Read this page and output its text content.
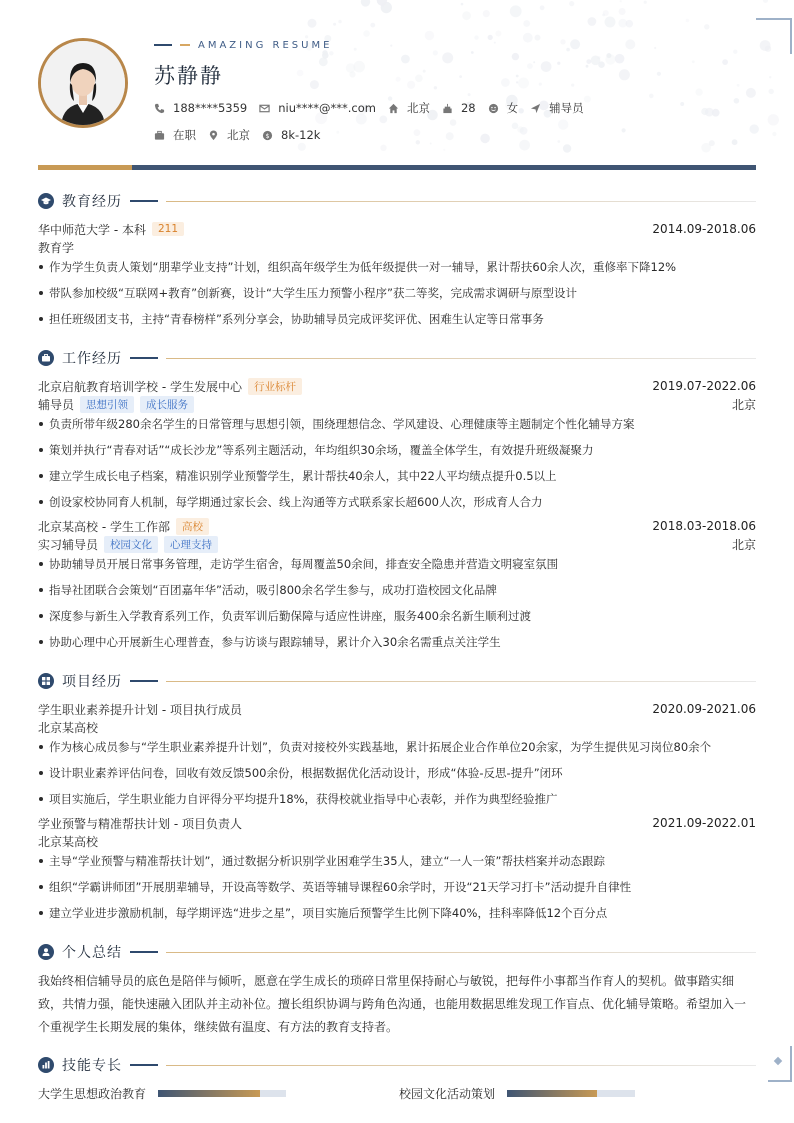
AMAZING RESUME
苏静静
188****5359	niu****@***.com	北京	28	女	辅导员
在职	北京 $ 8k-12k
教育经历
华中师范大学 - 本科	211	2014.09-2018.06
教育学
作为学生负责人策划“朋辈学业支持”计划，组织高年级学生为低年级提供一对一辅导，累计帮扶60余人次，重修率下降12%
带队参加校级“互联网+教育”创新赛，设计“大学生压力预警小程序”获二等奖，完成需求调研与原型设计
担任班级团支书，主持“青春榜样”系列分享会，协助辅导员完成评奖评优、困难生认定等日常事务
工作经历
北京启航教育培训学校 - 学生发展中心	行业标杆	2019.07-2022.06
辅导员	思想引领	成长服务	北京
负责所带年级280余名学生的日常管理与思想引领，围绕理想信念、学风建设、心理健康等主题制定个性化辅导方案
策划并执行“青春对话”“成长沙龙”等系列主题活动，年均组织30余场，覆盖全体学生，有效提升班级凝聚力
建立学生成长电子档案，精准识别学业预警学生，累计帮扶40余人，其中22人平均绩点提升0.5以上
创设家校协同育人机制，每学期通过家长会、线上沟通等方式联系家长超600人次，形成育人合力
北京某高校 - 学生工作部	高校	2018.03-2018.06
实习辅导员	校园文化	心理支持	北京
协助辅导员开展日常事务管理，走访学生宿舍，每周覆盖50余间，排查安全隐患并营造文明寝室氛围
指导社团联合会策划“百团嘉年华”活动，吸引800余名学生参与，成功打造校园文化品牌
深度参与新生入学教育系列工作，负责军训后勤保障与适应性讲座，服务400余名新生顺利过渡
协助心理中心开展新生心理普查，参与访谈与跟踪辅导，累计介入30余名需重点关注学生
项目经历
学生职业素养提升计划 - 项目执行成员	2020.09-2021.06
北京某高校
作为核心成员参与“学生职业素养提升计划”，负责对接校外实践基地，累计拓展企业合作单位20余家，为学生提供见习岗位80余个
设计职业素养评估问卷，回收有效反馈500余份，根据数据优化活动设计，形成“体验-反思-提升”闭环
项目实施后，学生职业能力自评得分平均提升18%，获得校就业指导中心表彰，并作为典型经验推广
学业预警与精准帮扶计划 - 项目负责人	2021.09-2022.01
北京某高校
主导“学业预警与精准帮扶计划”，通过数据分析识别学业困难学生35人，建立“一人一策”帮扶档案并动态跟踪
组织“学霸讲师团”开展朋辈辅导，开设高等数学、英语等辅导课程60余学时，开设“21天学习打卡”活动提升自律性
建立学业进步激励机制，每学期评选“进步之星”，项目实施后预警学生比例下降40%，挂科率降低12个百分点
个人总结
我始终相信辅导员的底色是陪伴与倾听，愿意在学生成长的琐碎日常里保持耐心与敏锐，把每件小事都当作育人的契机。做事踏实细致，共情力强，能快速融入团队并主动补位。擅长组织协调与跨角色沟通，也能用数据思维发现工作盲点、优化辅导策略。希望加入一个重视学生长期发展的集体，继续做有温度、有方法的教育支持者。
技能专长
大学生思想政治教育	校园文化活动策划
